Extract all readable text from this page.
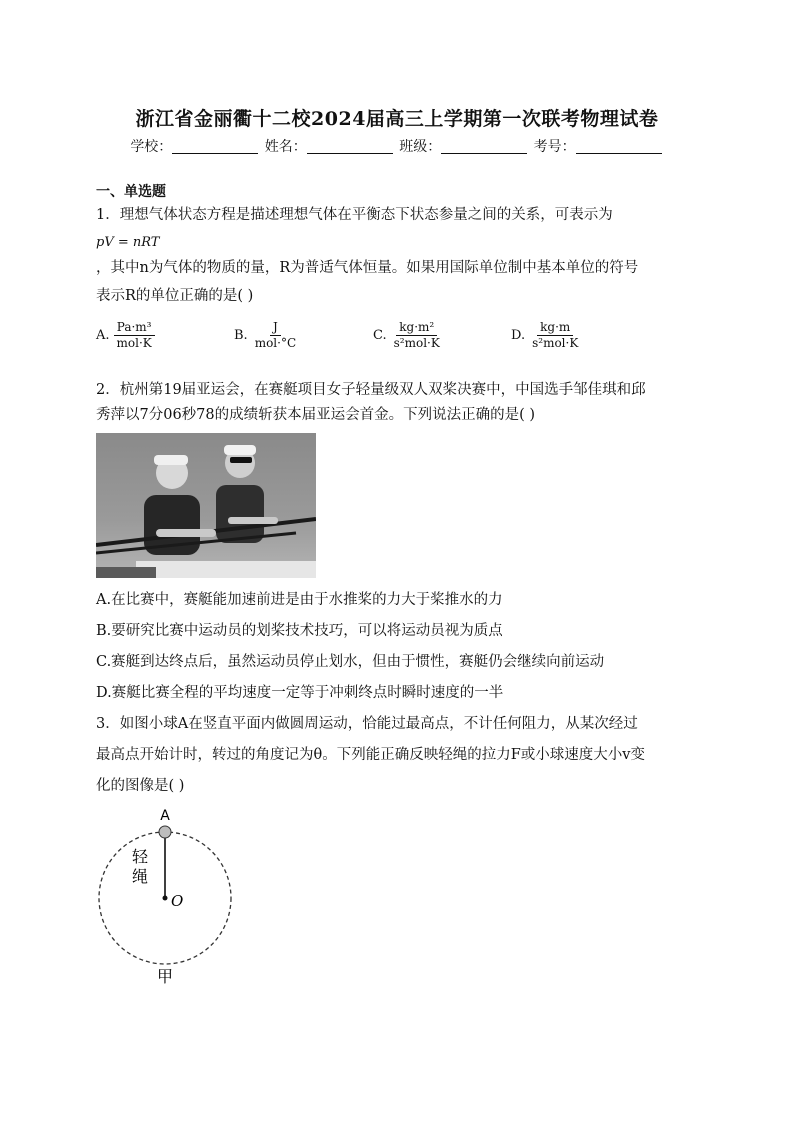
浙江省金丽衢十二校2024届高三上学期第一次联考物理试卷
学校：	姓名：	班级：	考号：
一、单选题
1．理想气体状态方程是描述理想气体在平衡态下状态参量之间的关系，可表示为
pV = nRT
，其中n为气体的物质的量，R为普适气体恒量。如果用国际单位制中基本单位的符号
表示R的单位正确的是( )
A. $\frac{\text{Pa·m³}}{\text{mol·K}}$	B. $\frac{J}{\text{mol·°C}}$	C. $\frac{\text{kg·m²}}{\text{s²mol·K}}$	D. $\frac{kg\cdot m}{\text{s²mol·K}}$
2．杭州第19届亚运会，在赛艇项目女子轻量级双人双桨决赛中，中国选手邹佳琪和邱
秀萍以7分06秒78的成绩斩获本届亚运会首金。下列说法正确的是( )
A.在比赛中，赛艇能加速前进是由于水推桨的力大于桨推水的力
B.要研究比赛中运动员的划桨技术技巧，可以将运动员视为质点
C.赛艇到达终点后，虽然运动员停止划水，但由于惯性，赛艇仍会继续向前运动
D.赛艇比赛全程的平均速度一定等于冲刺终点时瞬时速度的一半
3．如图小球A在竖直平面内做圆周运动，恰能过最高点，不计任何阻力，从某次经过
最高点开始计时，转过的角度记为θ。下列能正确反映轻绳的拉力F或小球速度大小v变
化的图像是( )
A
轻
绳
O
甲
